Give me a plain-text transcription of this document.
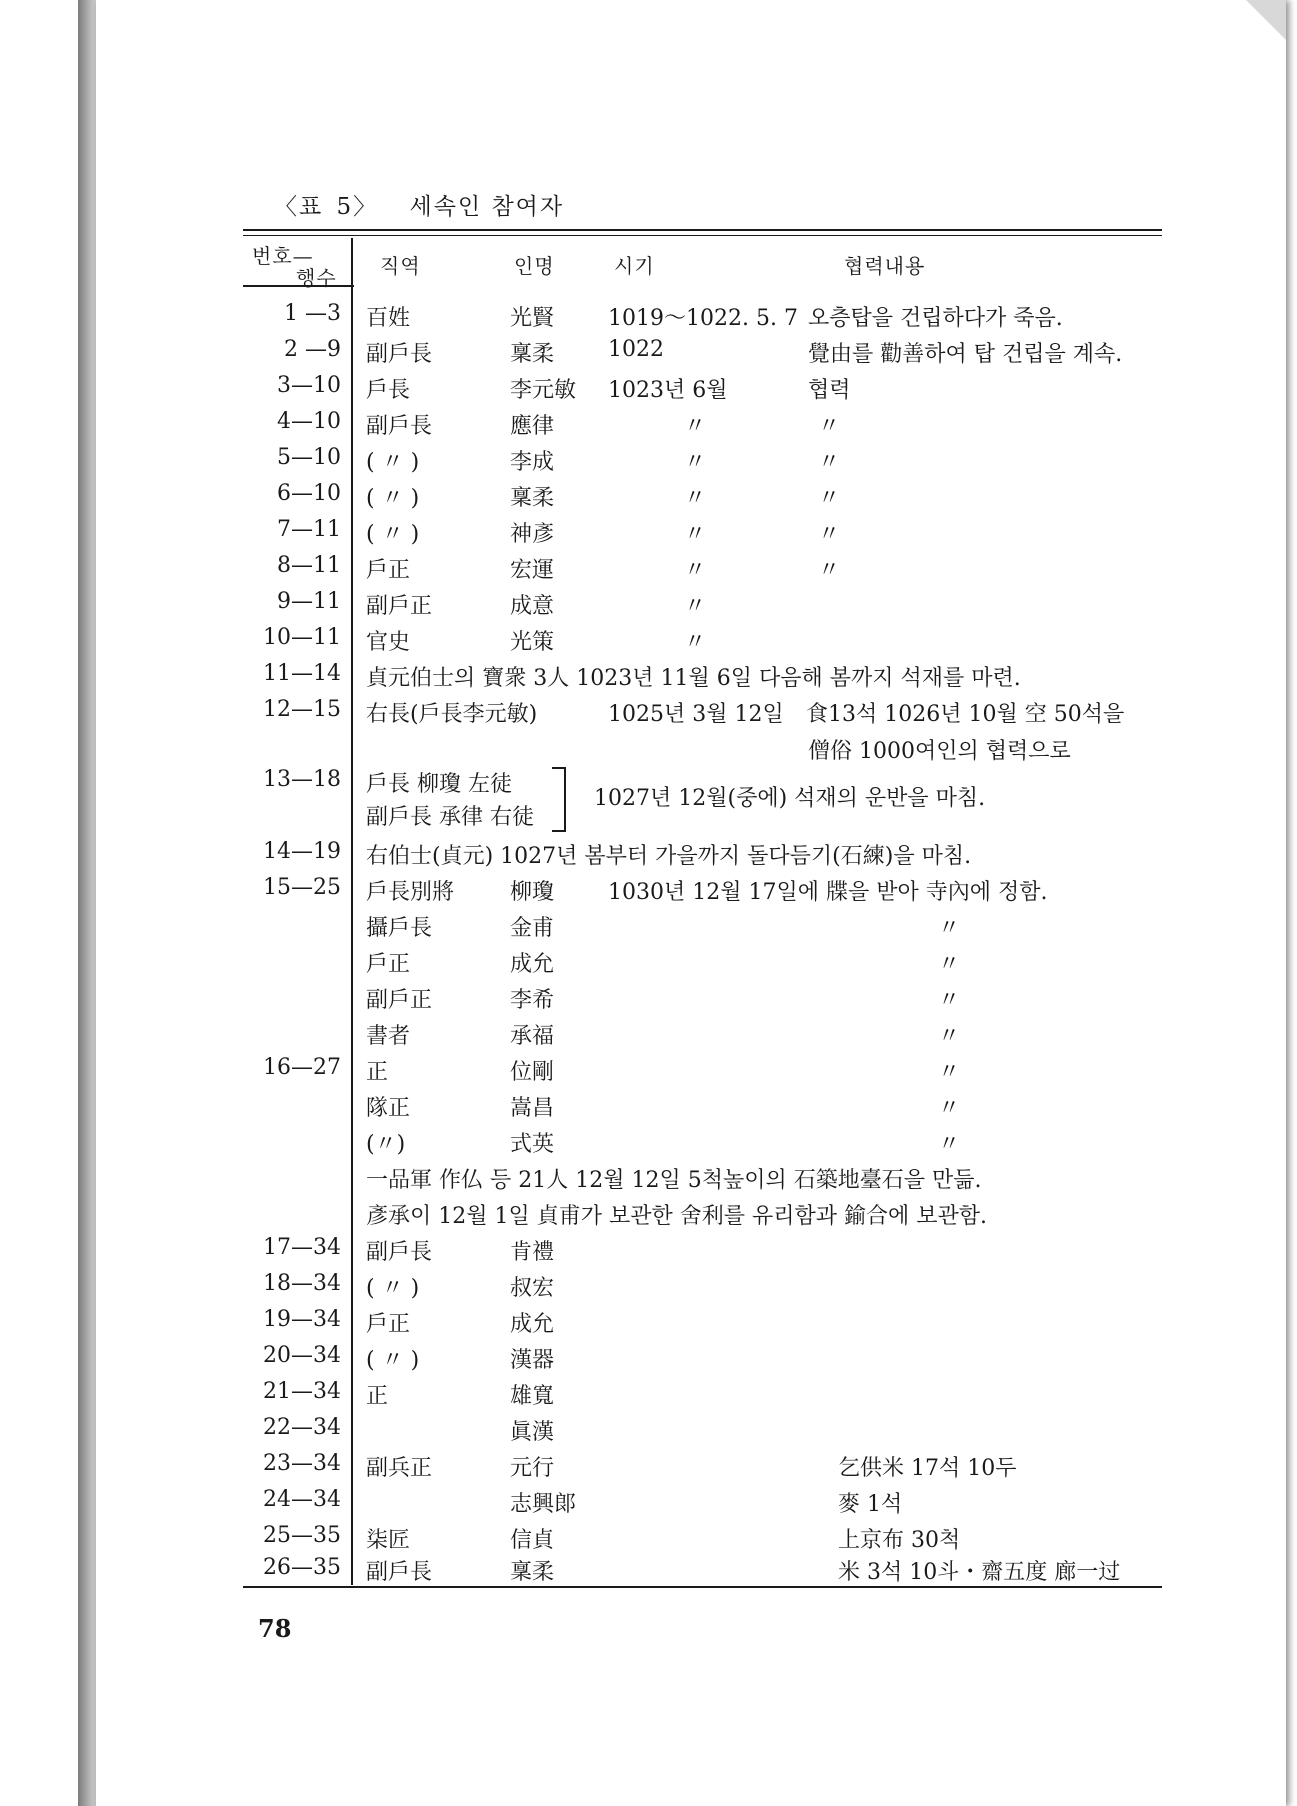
〈표 5〉 세속인 참여자
번호—
행수 직역	인명	시기	협력내용
1 —3 百姓	光賢 1019～1022. 5. 7 오층탑을 건립하다가 죽음.
2 —9 副戶長	稟柔 1022	覺由를 勸善하여 탑 건립을 계속.
3—10 戶長	李元敏 1023년 6월	협력
4—10 副戶長	應律	〃	〃
5—10 ( 〃 )	李成	〃	〃
6—10 ( 〃 )	稟柔	〃	〃
7—11 ( 〃 )	神彥	〃	〃
8—11 戶正	宏運	〃	〃
9—11 副戶正	成意	〃
10—11 官史	光策	〃
11—14 貞元伯士의 寶衆 3人 1023년 11월 6일 다음해 봄까지 석재를 마련.
12—15 右長(戶長李元敏)	1025년 3월 12일 食13석 1026년 10월 空 50석을
僧俗 1000여인의 협력으로
13—18 戶長 柳瓊 左徒
副戶長 承律 右徒
1027년 12월(중에) 석재의 운반을 마침.
14—19 右伯士(貞元) 1027년 봄부터 가을까지 돌다듬기(石練)을 마침.
15—25 戶長別將	柳瓊 1030년 12월 17일에 牒을 받아 寺內에 정함.
攝戶長	金甫	〃
戶正	成允	〃
副戶正	李希	〃
書者	承福	〃
16—27 正	位剛	〃
隊正	嵩昌	〃
(〃)	式英	〃
一品軍 作仏 등 21人 12월 12일 5척높이의 石築地臺石을 만듦.
彥承이 12월 1일 貞甫가 보관한 舍利를 유리함과 鍮合에 보관함.
17—34 副戶長	肯禮
18—34 ( 〃 )	叔宏
19—34 戶正	成允
20—34 ( 〃 )	漢器
21—34 正	雄寬
22—34	眞漢
23—34 副兵正	元行	乞供米 17석 10두
24—34	志興郞	麥 1석
25—35 柒匠	信貞	上京布 30척
26—35 副戶長	稟柔	米 3석 10斗・齋五度 廊一过
78
